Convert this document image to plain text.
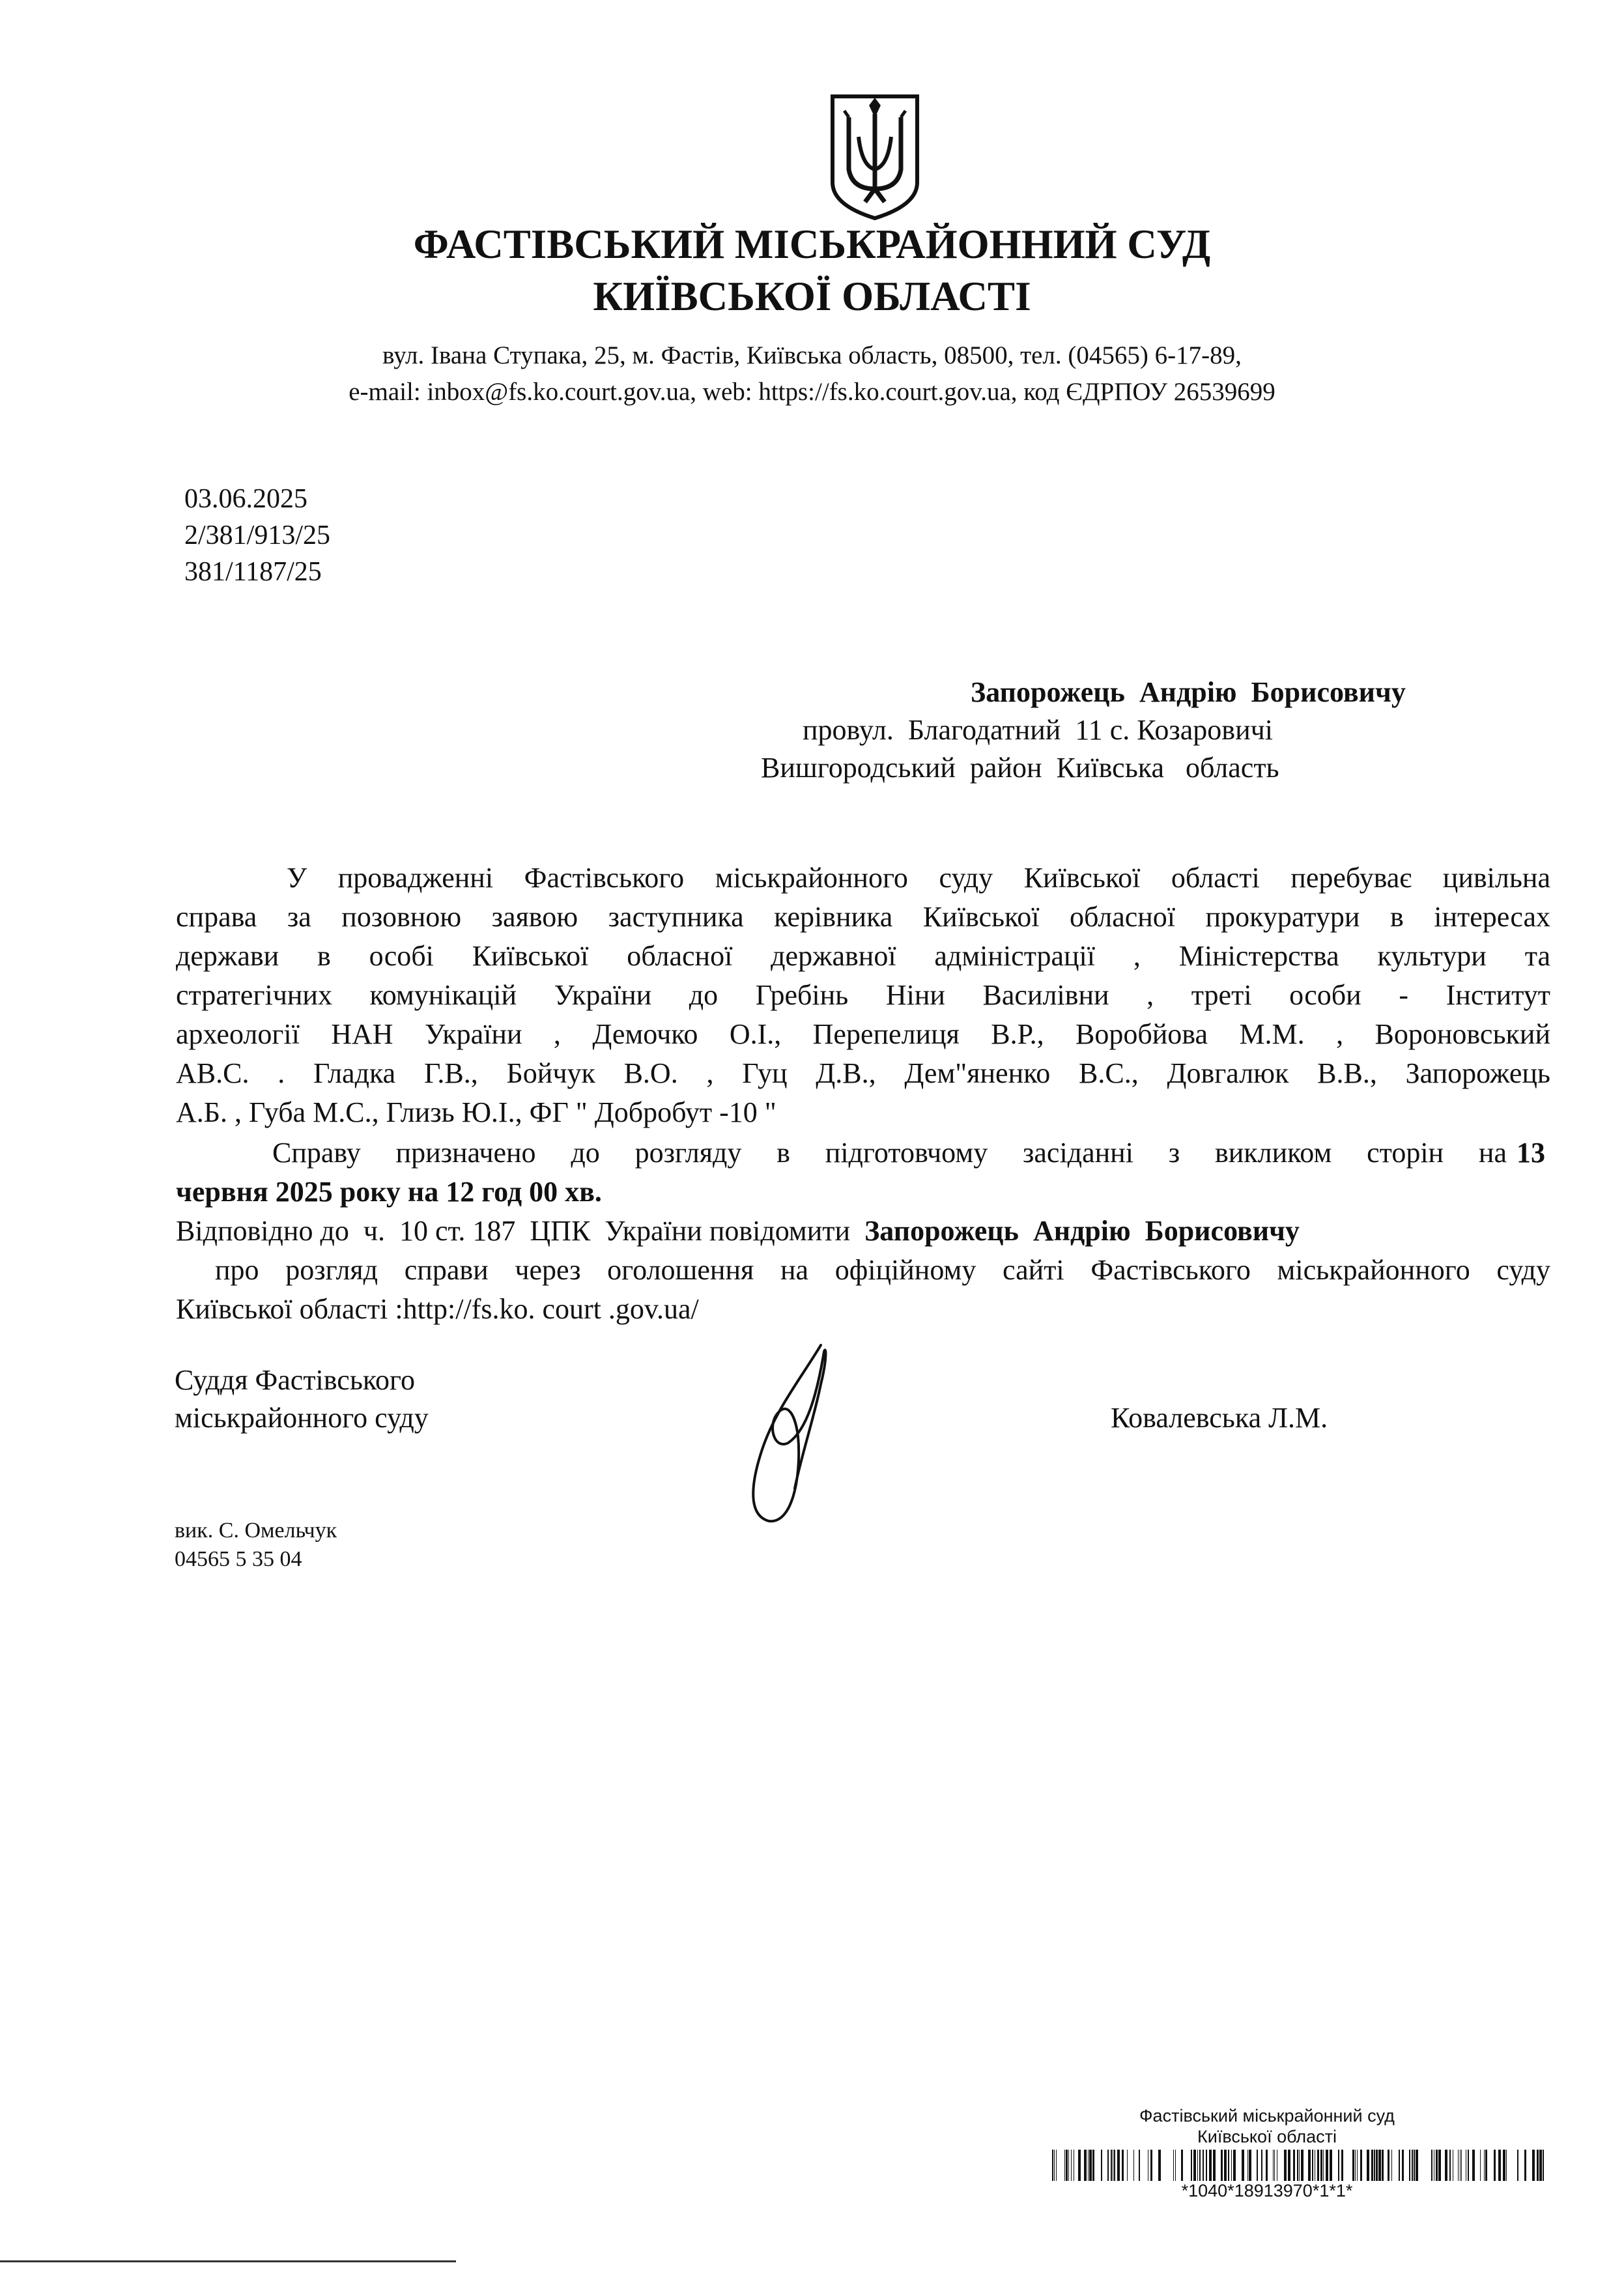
ФАСТІВСЬКИЙ МІСЬКРАЙОННИЙ СУД
КИЇВСЬКОЇ ОБЛАСТІ
вул. Івана Ступака, 25, м. Фастів, Київська область, 08500, тел. (04565) 6-17-89,
e-mail: inbox@fs.ko.court.gov.ua, web: https://fs.ko.court.gov.ua, код ЄДРПОУ 26539699
03.06.2025
2/381/913/25
381/1187/25
Запорожець  Андрію  Борисовичу
провул.  Благодатний  11 с. Козаровичі
Вишгородський  район  Київська   область
У провадженні Фастівського міськрайонного суду Київської області перебуває цивільна
справа за позовною заявою заступника керівника Київської обласної прокуратури в інтересах
держави в особі Київської обласної державної адміністрації , Міністерства культури та
стратегічних комунікацій України до Гребінь Ніни Василівни , треті особи - Інститут
археології НАН України , Демочко О.І., Перепелиця В.Р., Воробйова М.М. , Вороновський
АВ.С. . Гладка Г.В., Бойчук В.О. , Гуц Д.В., Дем"яненко В.С., Довгалюк В.В., Запорожець
А.Б. , Губа М.С., Глизь Ю.І., ФГ " Добробут -10 "
Справу призначено до розгляду в підготовчому засіданні з викликом сторін на 13
червня 2025 року на 12 год 00 хв.
Відповідно до  ч.  10 ст. 187  ЦПК  України повідомити Запорожець  Андрію  Борисовичу
про розгляд справи через оголошення на офіційному сайті Фастівського міськрайонного суду
Київської області :http://fs.ko. court .gov.ua/
Суддя Фастівського
міськрайонного суду	Ковалевська Л.М.
вик. С. Омельчук
04565 5 35 04
Фастівський міськрайонний суд
Київської області
*1040*18913970*1*1*
